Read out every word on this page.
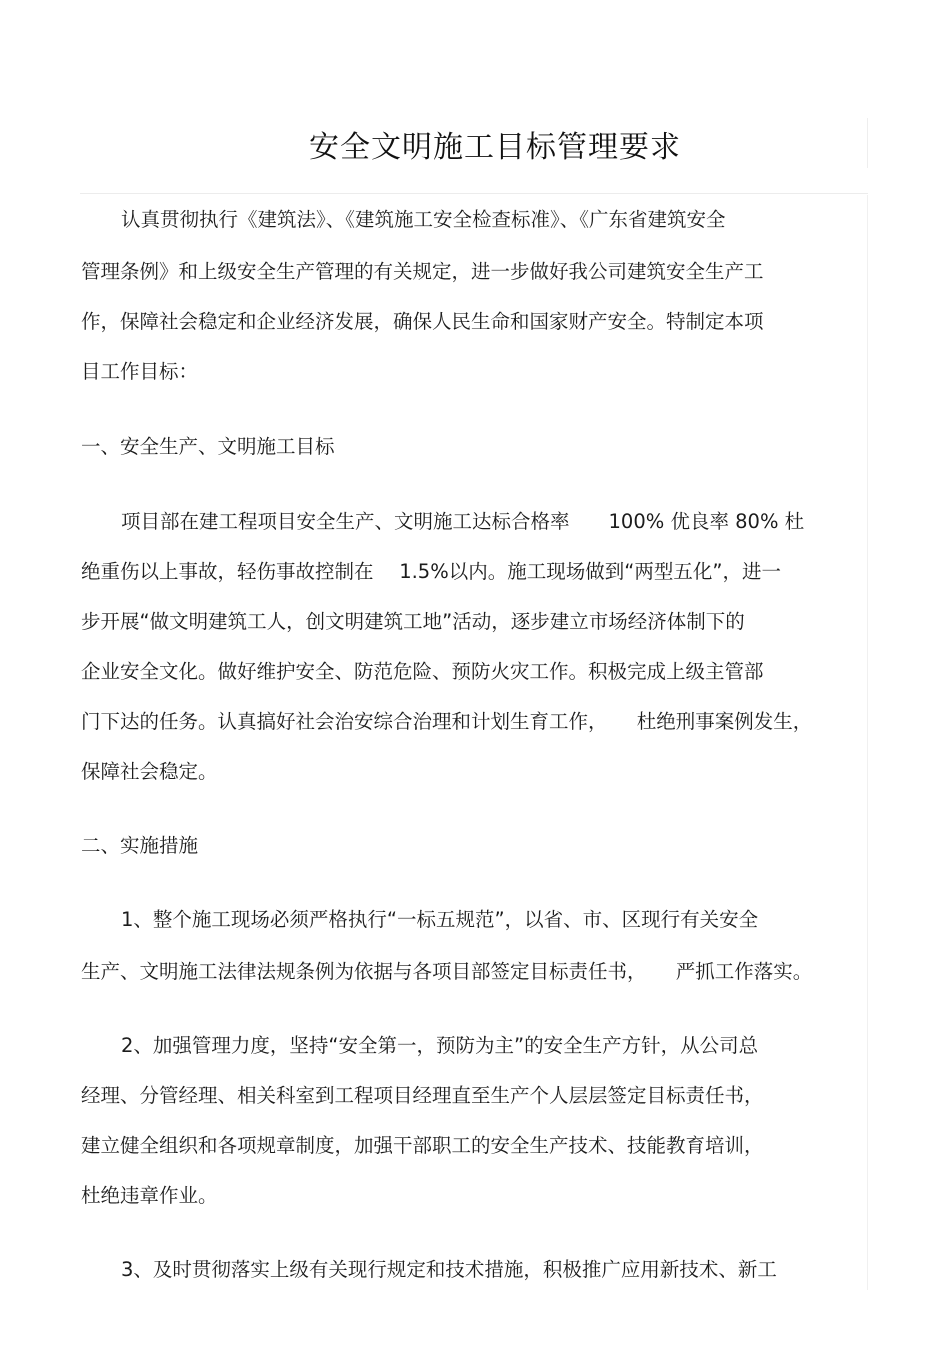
安全文明施工目标管理要求
认真贯彻执行《建筑法》、《建筑施工安全检查标准》、《广东省建筑安全
管理条例》和上级安全生产管理的有关规定，进一步做好我公司建筑安全生产工
作，保障社会稳定和企业经济发展，确保人民生命和国家财产安全。特制定本项
目工作目标：
一、安全生产、文明施工目标
项目部在建工程项目安全生产、文明施工达标合格率　　100% 优良率 80% 杜
绝重伤以上事故，轻伤事故控制在　 1.5%以内。施工现场做到“两型五化”，进一
步开展“做文明建筑工人，创文明建筑工地”活动，逐步建立市场经济体制下的
企业安全文化。做好维护安全、防范危险、预防火灾工作。积极完成上级主管部
门下达的任务。认真搞好社会治安综合治理和计划生育工作，　　杜绝刑事案例发生，
保障社会稳定。
二、实施措施
1、整个施工现场必须严格执行“一标五规范”，以省、市、区现行有关安全
生产、文明施工法律法规条例为依据与各项目部签定目标责任书，　　严抓工作落实。
2、加强管理力度，坚持“安全第一，预防为主”的安全生产方针，从公司总
经理、分管经理、相关科室到工程项目经理直至生产个人层层签定目标责任书，
建立健全组织和各项规章制度，加强干部职工的安全生产技术、技能教育培训，
杜绝违章作业。
3、及时贯彻落实上级有关现行规定和技术措施，积极推广应用新技术、新工
